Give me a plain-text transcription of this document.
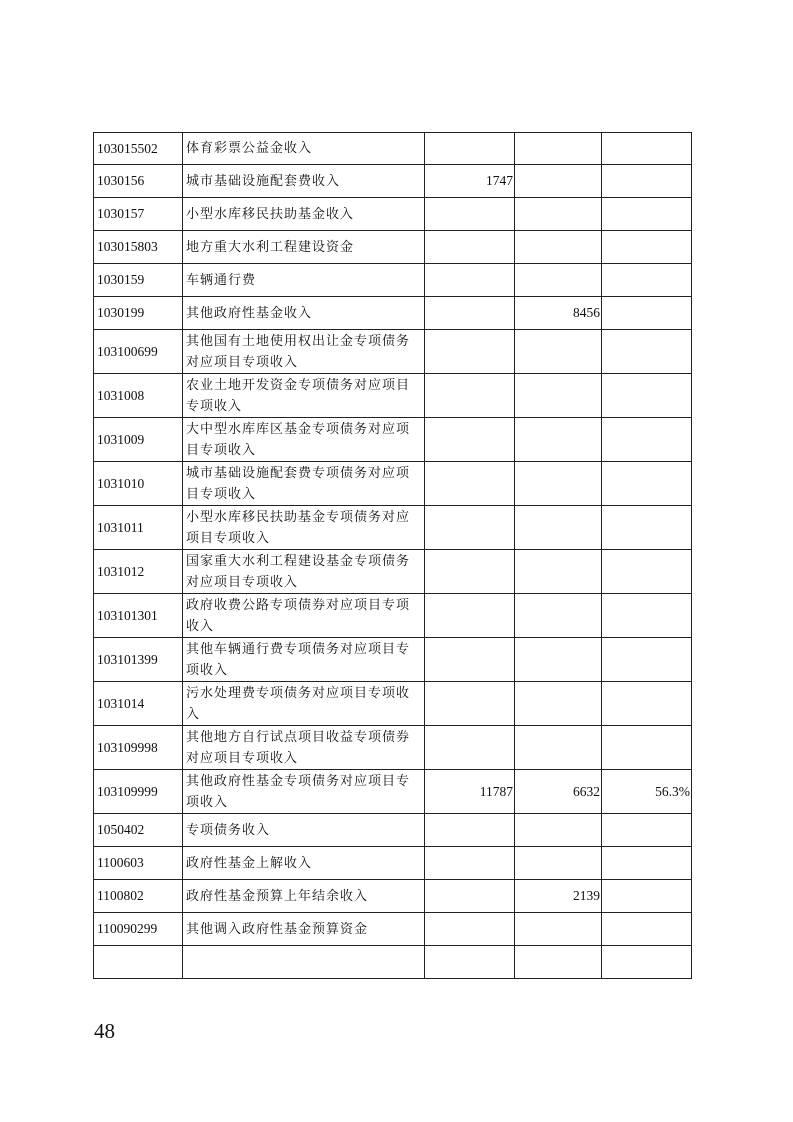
103015502	体育彩票公益金收入			
1030156	城市基础设施配套费收入	1747		
1030157	小型水库移民扶助基金收入			
103015803	地方重大水利工程建设资金			
1030159	车辆通行费			
1030199	其他政府性基金收入		8456	
103100699	其他国有土地使用权出让金专项债务对应项目专项收入			
1031008	农业土地开发资金专项债务对应项目专项收入			
1031009	大中型水库库区基金专项债务对应项目专项收入			
1031010	城市基础设施配套费专项债务对应项目专项收入			
1031011	小型水库移民扶助基金专项债务对应项目专项收入			
1031012	国家重大水利工程建设基金专项债务对应项目专项收入			
103101301	政府收费公路专项债券对应项目专项收入			
103101399	其他车辆通行费专项债务对应项目专项收入			
1031014	污水处理费专项债务对应项目专项收入			
103109998	其他地方自行试点项目收益专项债券对应项目专项收入			
103109999	其他政府性基金专项债务对应项目专项收入	11787	6632	56.3%
1050402	专项债务收入			
1100603	政府性基金上解收入			
1100802	政府性基金预算上年结余收入		2139	
110090299	其他调入政府性基金预算资金			

48
